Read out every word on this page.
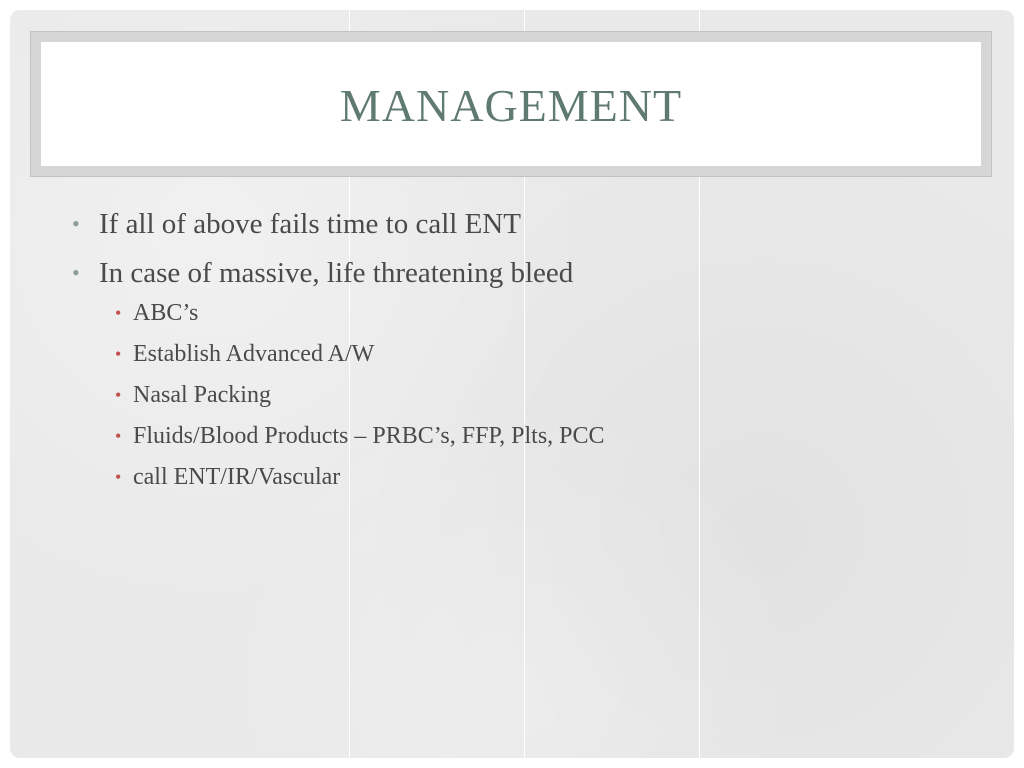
MANAGEMENT
• If all of above fails time to call ENT
• In case of massive, life threatening bleed
• ABC’s
• Establish Advanced A/W
• Nasal Packing
• Fluids/Blood Products – PRBC’s, FFP, Plts, PCC
• call ENT/IR/Vascular
